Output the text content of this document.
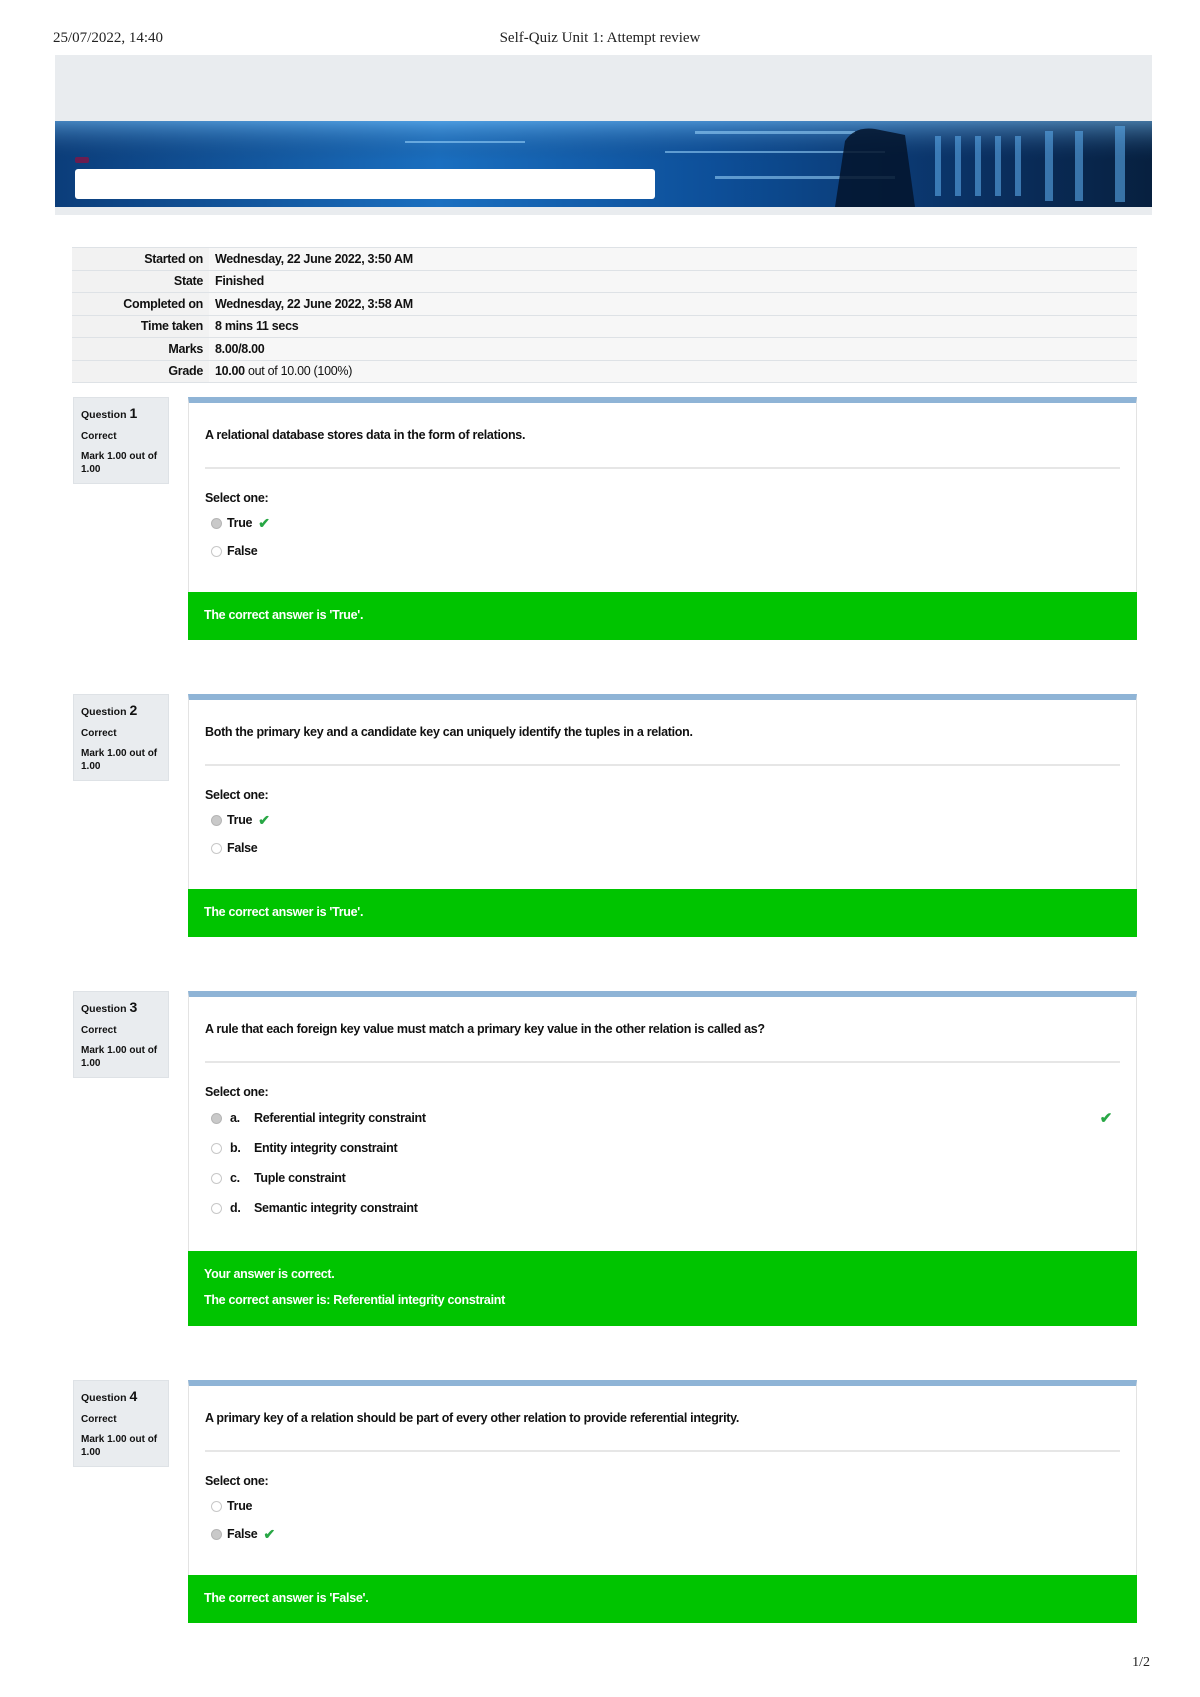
25/07/2022, 14:40	Self-Quiz Unit 1: Attempt review
Started on	Wednesday, 22 June 2022, 3:50 AM
State	Finished
Completed on	Wednesday, 22 June 2022, 3:58 AM
Time taken	8 mins 11 secs
Marks	8.00/8.00
Grade	10.00 out of 10.00 (100%)
Question 1
Correct
Mark 1.00 out of 1.00
A relational database stores data in the form of relations.
Select one:
True ✔
False
The correct answer is 'True'.
Question 2
Correct
Mark 1.00 out of 1.00
Both the primary key and a candidate key can uniquely identify the tuples in a relation.
Select one:
True ✔
False
The correct answer is 'True'.
Question 3
Correct
Mark 1.00 out of 1.00
A rule that each foreign key value must match a primary key value in the other relation is called as?
Select one:
a.	Referential integrity constraint	✔
b.	Entity integrity constraint
c.	Tuple constraint
d.	Semantic integrity constraint
Your answer is correct.
The correct answer is: Referential integrity constraint
Question 4
Correct
Mark 1.00 out of 1.00
A primary key of a relation should be part of every other relation to provide referential integrity.
Select one:
True
False ✔
The correct answer is 'False'.
1/2
